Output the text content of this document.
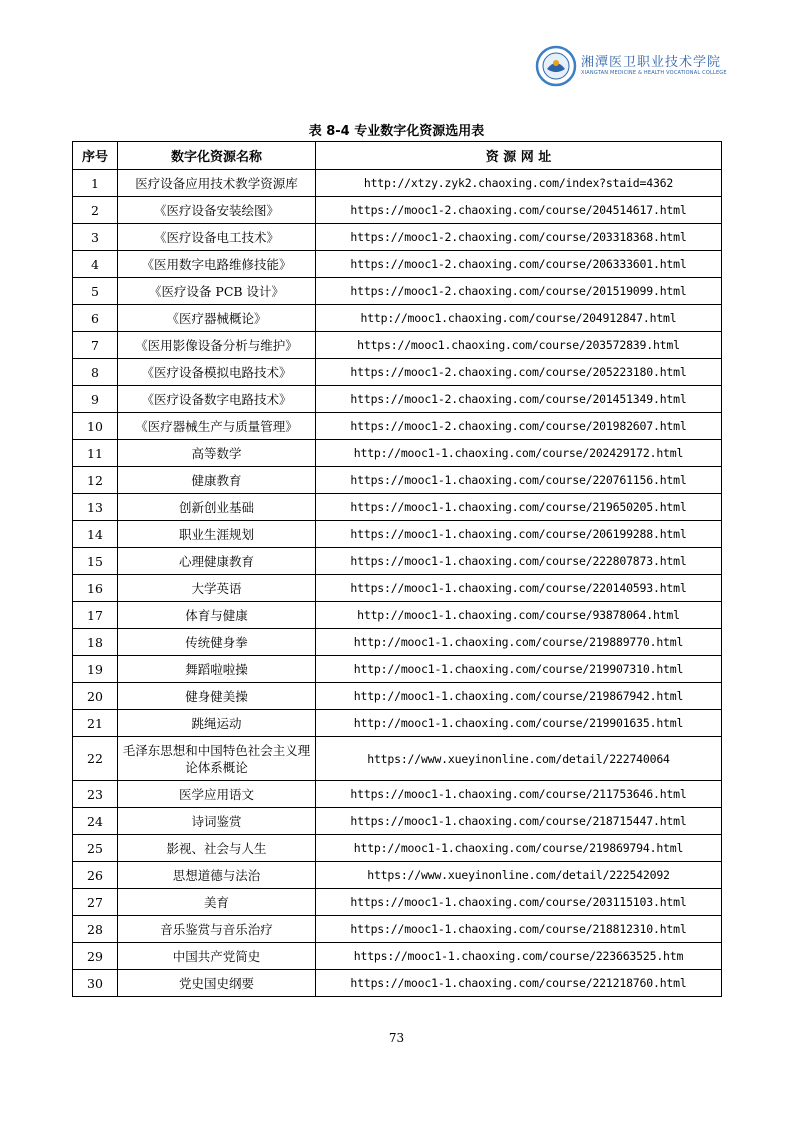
湘潭医卫职业技术学院
XIANGTAN MEDICINE & HEALTH VOCATIONAL COLLEGE
表 8-4 专业数字化资源选用表
序号	数字化资源名称	资 源 网 址
1	医疗设备应用技术教学资源库	http://xtzy.zyk2.chaoxing.com/index?staid=4362
2	《医疗设备安装绘图》	https://mooc1-2.chaoxing.com/course/204514617.html
3	《医疗设备电工技术》	https://mooc1-2.chaoxing.com/course/203318368.html
4	《医用数字电路维修技能》	https://mooc1-2.chaoxing.com/course/206333601.html
5	《医疗设备 PCB 设计》	https://mooc1-2.chaoxing.com/course/201519099.html
6	《医疗器械概论》	http://mooc1.chaoxing.com/course/204912847.html
7	《医用影像设备分析与维护》	https://mooc1.chaoxing.com/course/203572839.html
8	《医疗设备模拟电路技术》	https://mooc1-2.chaoxing.com/course/205223180.html
9	《医疗设备数字电路技术》	https://mooc1-2.chaoxing.com/course/201451349.html
10	《医疗器械生产与质量管理》	https://mooc1-2.chaoxing.com/course/201982607.html
11	高等数学	http://mooc1-1.chaoxing.com/course/202429172.html
12	健康教育	https://mooc1-1.chaoxing.com/course/220761156.html
13	创新创业基础	https://mooc1-1.chaoxing.com/course/219650205.html
14	职业生涯规划	https://mooc1-1.chaoxing.com/course/206199288.html
15	心理健康教育	https://mooc1-1.chaoxing.com/course/222807873.html
16	大学英语	https://mooc1-1.chaoxing.com/course/220140593.html
17	体育与健康	http://mooc1-1.chaoxing.com/course/93878064.html
18	传统健身拳	http://mooc1-1.chaoxing.com/course/219889770.html
19	舞蹈啦啦操	http://mooc1-1.chaoxing.com/course/219907310.html
20	健身健美操	http://mooc1-1.chaoxing.com/course/219867942.html
21	跳绳运动	http://mooc1-1.chaoxing.com/course/219901635.html
22	毛泽东思想和中国特色社会主义理论体系概论	https://www.xueyinonline.com/detail/222740064
23	医学应用语文	https://mooc1-1.chaoxing.com/course/211753646.html
24	诗词鉴赏	https://mooc1-1.chaoxing.com/course/218715447.html
25	影视、社会与人生	http://mooc1-1.chaoxing.com/course/219869794.html
26	思想道德与法治	https://www.xueyinonline.com/detail/222542092
27	美育	https://mooc1-1.chaoxing.com/course/203115103.html
28	音乐鉴赏与音乐治疗	https://mooc1-1.chaoxing.com/course/218812310.html
29	中国共产党简史	https://mooc1-1.chaoxing.com/course/223663525.htm
30	党史国史纲要	https://mooc1-1.chaoxing.com/course/221218760.html
73
